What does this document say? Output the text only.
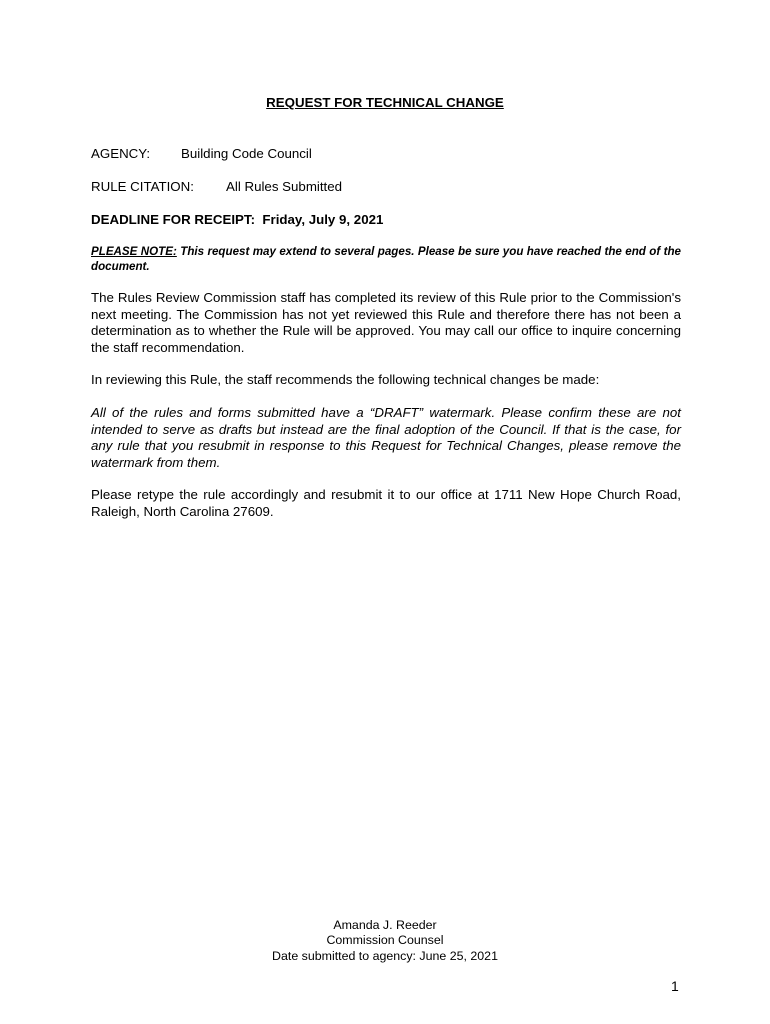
REQUEST FOR TECHNICAL CHANGE
AGENCY: Building Code Council
RULE CITATION: All Rules Submitted
DEADLINE FOR RECEIPT: Friday, July 9, 2021
PLEASE NOTE: This request may extend to several pages. Please be sure you have reached the end of the document.
The Rules Review Commission staff has completed its review of this Rule prior to the Commission's next meeting. The Commission has not yet reviewed this Rule and therefore there has not been a determination as to whether the Rule will be approved. You may call our office to inquire concerning the staff recommendation.
In reviewing this Rule, the staff recommends the following technical changes be made:
All of the rules and forms submitted have a “DRAFT” watermark. Please confirm these are not intended to serve as drafts but instead are the final adoption of the Council. If that is the case, for any rule that you resubmit in response to this Request for Technical Changes, please remove the watermark from them.
Please retype the rule accordingly and resubmit it to our office at 1711 New Hope Church Road, Raleigh, North Carolina 27609.
Amanda J. Reeder
Commission Counsel
Date submitted to agency: June 25, 2021
1
